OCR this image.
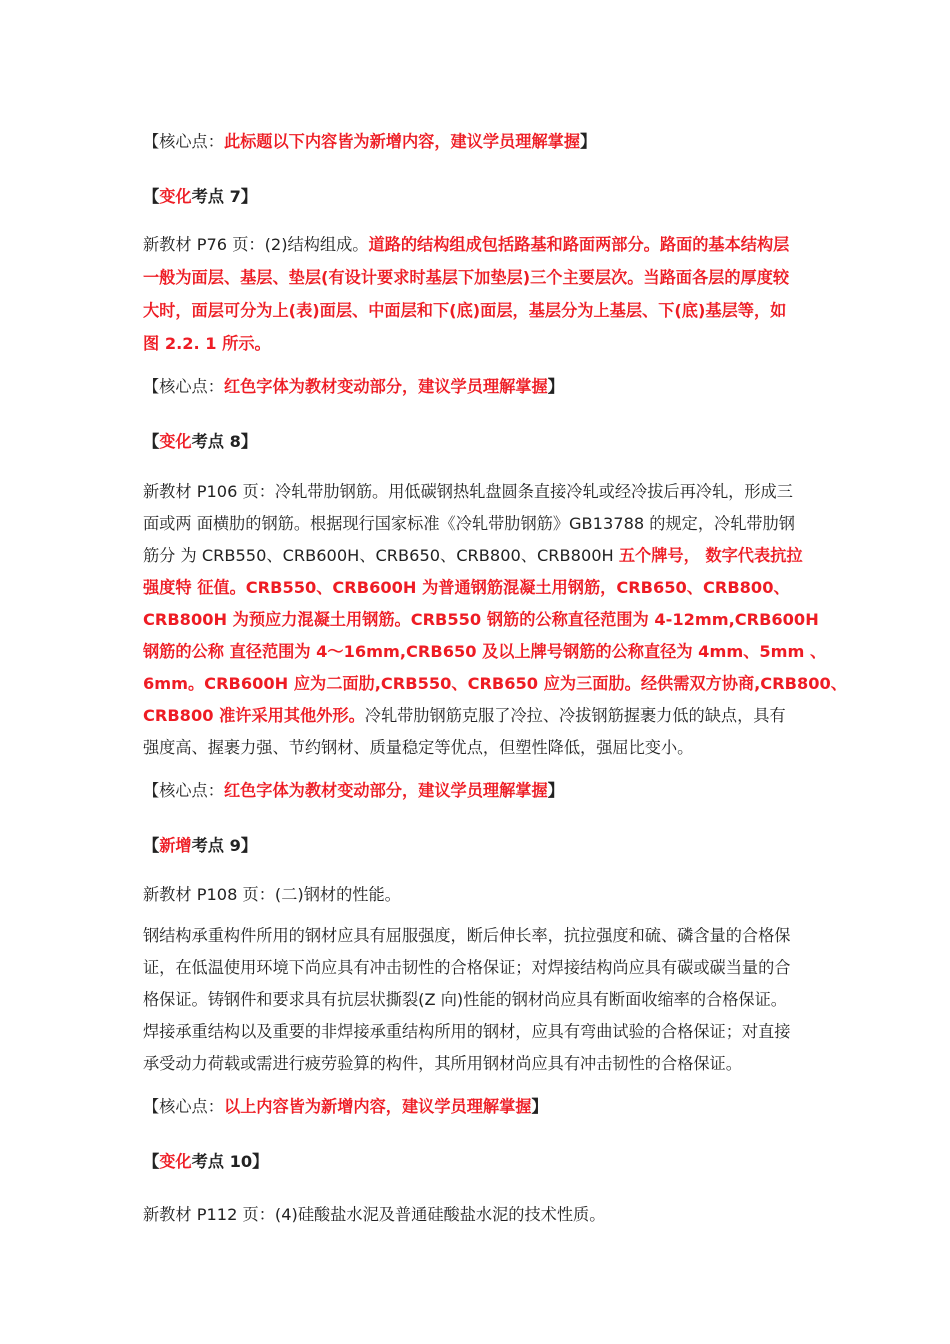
【核心点：此标题以下内容皆为新增内容，建议学员理解掌握】
【变化考点 7】
新教材 P76 页：(2)结构组成。道路的结构组成包括路基和路面两部分。路面的基本结构层
一般为面层、基层、垫层(有设计要求时基层下加垫层)三个主要层次。当路面各层的厚度较
大时，面层可分为上(表)面层、中面层和下(底)面层，基层分为上基层、下(底)基层等，如
图 2.2. 1 所示。
【核心点：红色字体为教材变动部分，建议学员理解掌握】
【变化考点 8】
新教材 P106 页：冷轧带肋钢筋。用低碳钢热轧盘圆条直接冷轧或经冷拔后再冷轧，形成三
面或两 面横肋的钢筋。根据现行国家标准《冷轧带肋钢筋》GB13788 的规定，冷轧带肋钢
筋分 为 CRB550、CRB600H、CRB650、CRB800、CRB800H 五个牌号， 数字代表抗拉
强度特 征值。CRB550、CRB600H 为普通钢筋混凝土用钢筋，CRB650、CRB800、
CRB800H 为预应力混凝土用钢筋。CRB550 钢筋的公称直径范围为 4-12mm,CRB600H
钢筋的公称 直径范围为 4～16mm,CRB650 及以上牌号钢筋的公称直径为 4mm、5mm 、
6mm。CRB600H 应为二面肋,CRB550、CRB650 应为三面肋。经供需双方协商,CRB800、
CRB800 准许采用其他外形。冷轧带肋钢筋克服了冷拉、冷拔钢筋握裹力低的缺点，具有
强度高、握裹力强、节约钢材、质量稳定等优点，但塑性降低，强屈比变小。
【核心点：红色字体为教材变动部分，建议学员理解掌握】
【新增考点 9】
新教材 P108 页：(二)钢材的性能。
钢结构承重构件所用的钢材应具有屈服强度，断后伸长率，抗拉强度和硫、磷含量的合格保
证，在低温使用环境下尚应具有冲击韧性的合格保证；对焊接结构尚应具有碳或碳当量的合
格保证。铸钢件和要求具有抗层状撕裂(Z 向)性能的钢材尚应具有断面收缩率的合格保证。
焊接承重结构以及重要的非焊接承重结构所用的钢材，应具有弯曲试验的合格保证；对直接
承受动力荷载或需进行疲劳验算的构件，其所用钢材尚应具有冲击韧性的合格保证。
【核心点：以上内容皆为新增内容，建议学员理解掌握】
【变化考点 10】
新教材 P112 页：(4)硅酸盐水泥及普通硅酸盐水泥的技术性质。
